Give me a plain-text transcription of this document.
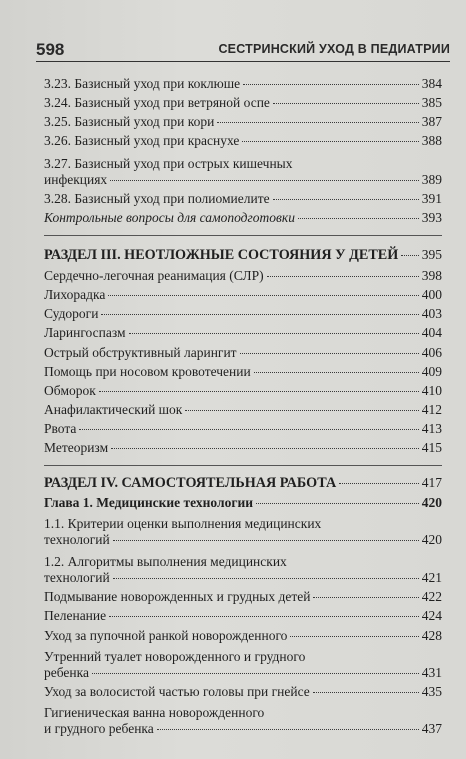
598	СЕСТРИНСКИЙ УХОД В ПЕДИАТРИИ
3.23. Базисный уход при коклюше	384
3.24. Базисный уход при ветряной оспе	385
3.25. Базисный уход при кори	387
3.26. Базисный уход при краснухе	388
3.27. Базисный уход при острых кишечных
инфекциях	389
3.28. Базисный уход при полиомиелите	391
Контрольные вопросы для самоподготовки	393
РАЗДЕЛ III. НЕОТЛОЖНЫЕ СОСТОЯНИЯ У ДЕТЕЙ 395
Сердечно-легочная реанимация (СЛР)	398
Лихорадка	400
Судороги	403
Ларингоспазм	404
Острый обструктивный ларингит	406
Помощь при носовом кровотечении	409
Обморок	410
Анафилактический шок	412
Рвота	413
Метеоризм	415
РАЗДЕЛ IV. САМОСТОЯТЕЛЬНАЯ РАБОТА	417
Глава 1. Медицинские технологии	420
1.1. Критерии оценки выполнения медицинских
технологий	420
1.2. Алгоритмы выполнения медицинских
технологий	421
Подмывание новорожденных и грудных детей	422
Пеленание	424
Уход за пупочной ранкой новорожденного	428
Утренний туалет новорожденного и грудного
ребенка	431
Уход за волосистой частью головы при гнейсе	435
Гигиеническая ванна новорожденного
и грудного ребенка	437
